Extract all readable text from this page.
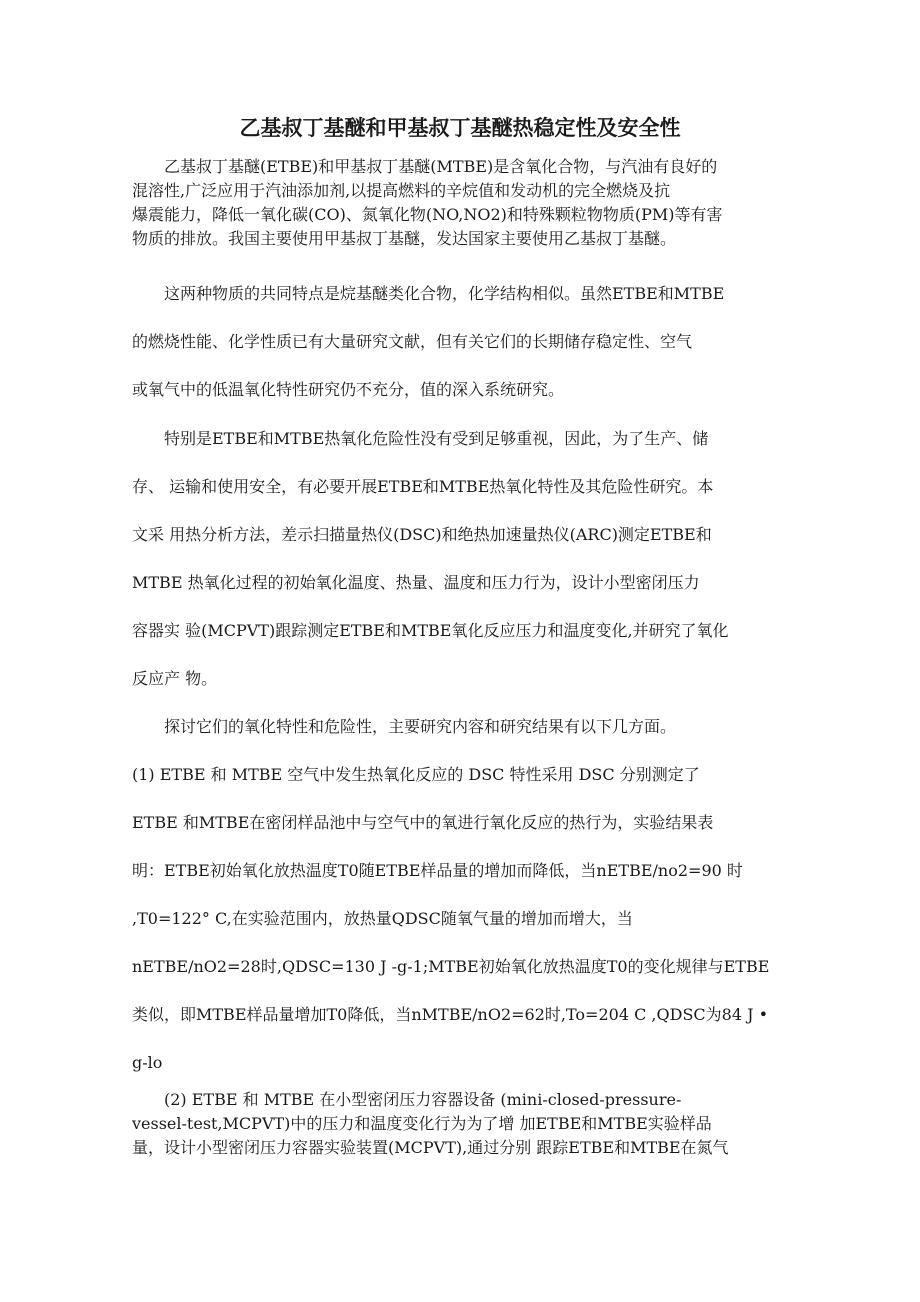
乙基叔丁基醚和甲基叔丁基醚热稳定性及安全性

　　乙基叔丁基醚(ETBE)和甲基叔丁基醚(MTBE)是含氧化合物，与汽油有良好的
混溶性,广泛应用于汽油添加剂,以提高燃料的辛烷值和发动机的完全燃烧及抗
爆震能力，降低一氧化碳(CO)、氮氧化物(NO,NO2)和特殊颗粒物物质(PM)等有害
物质的排放。我国主要使用甲基叔丁基醚，发达国家主要使用乙基叔丁基醚。

　　这两种物质的共同特点是烷基醚类化合物，化学结构相似。虽然ETBE和MTBE
的燃烧性能、化学性质已有大量研究文献，但有关它们的长期储存稳定性、空气
或氧气中的低温氧化特性研究仍不充分，值的深入系统研究。

　　特别是ETBE和MTBE热氧化危险性没有受到足够重视，因此，为了生产、储
存、 运输和使用安全，有必要开展ETBE和MTBE热氧化特性及其危险性研究。本
文采 用热分析方法，差示扫描量热仪(DSC)和绝热加速量热仪(ARC)测定ETBE和
MTBE 热氧化过程的初始氧化温度、热量、温度和压力行为，设计小型密闭压力
容器实 验(MCPVT)跟踪测定ETBE和MTBE氧化反应压力和温度变化,并研究了氧化
反应产 物。

　　探讨它们的氧化特性和危险性，主要研究内容和研究结果有以下几方面。
(1) ETBE 和 MTBE 空气中发生热氧化反应的 DSC 特性采用 DSC 分别测定了
ETBE 和MTBE在密闭样品池中与空气中的氧进行氧化反应的热行为，实验结果表
明：ETBE初始氧化放热温度T0随ETBE样品量的增加而降低，当nETBE/no2=90 时
,T0=122° C,在实验范围内，放热量QDSC随氧气量的增加而增大，当
nETBE/nO2=28时,QDSC=130 J -g-1;MTBE初始氧化放热温度T0的变化规律与ETBE
类似，即MTBE样品量增加T0降低，当nMTBE/nO2=62时,To=204 C ,QDSC为84 J •
g-lo

　　(2) ETBE 和 MTBE 在小型密闭压力容器设备 (mini-closed-pressure-
vessel-test,MCPVT)中的压力和温度变化行为为了增 加ETBE和MTBE实验样品
量，设计小型密闭压力容器实验装置(MCPVT),通过分别 跟踪ETBE和MTBE在氮气
